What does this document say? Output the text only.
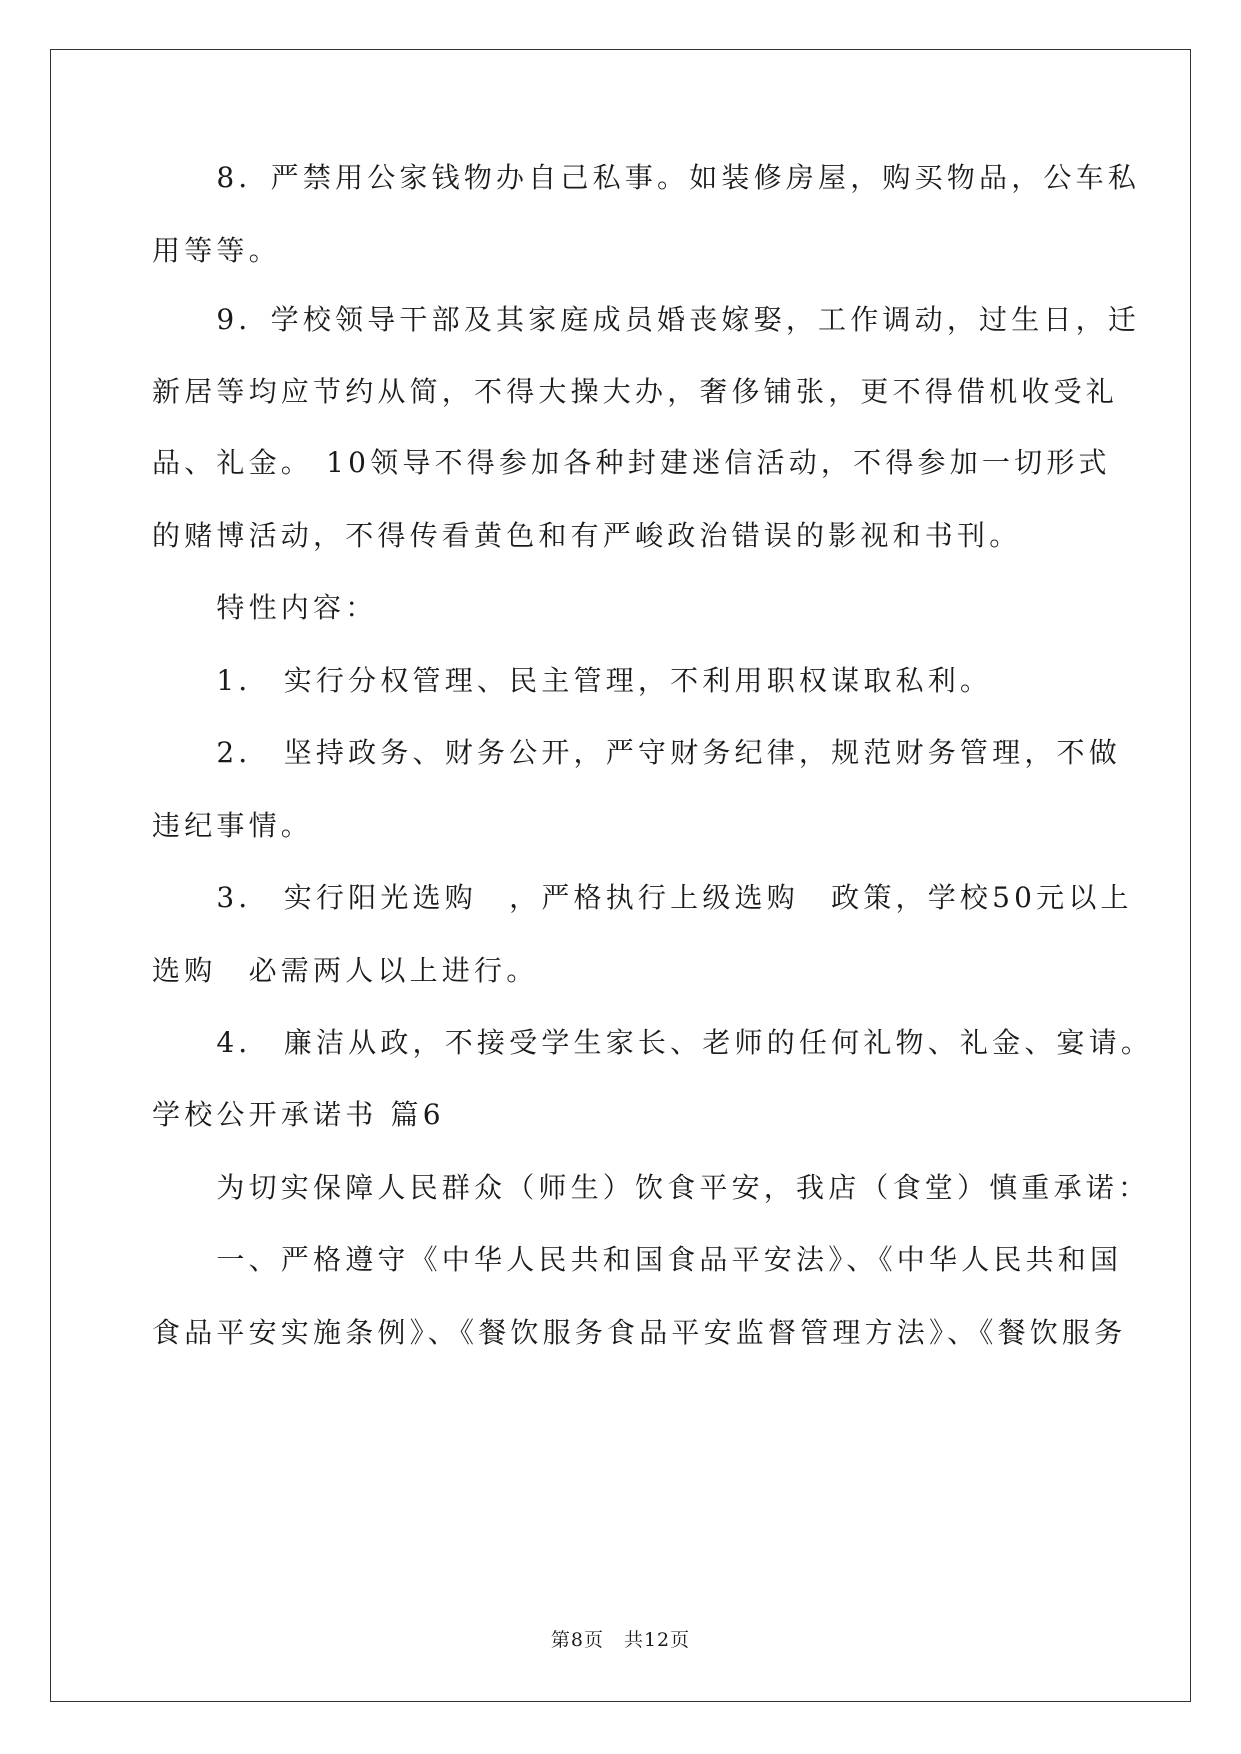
　　8．严禁用公家钱物办自己私事。如装修房屋，购买物品，公车私
用等等。
　　9．学校领导干部及其家庭成员婚丧嫁娶，工作调动，过生日，迁
新居等均应节约从简，不得大操大办，奢侈铺张，更不得借机收受礼
品、礼金。 10领导不得参加各种封建迷信活动，不得参加一切形式
的赌博活动，不得传看黄色和有严峻政治错误的影视和书刊。
　　特性内容：
　　1． 实行分权管理、民主管理，不利用职权谋取私利。
　　2． 坚持政务、财务公开，严守财务纪律，规范财务管理，不做
违纪事情。
　　3． 实行阳光选购　，严格执行上级选购　政策，学校50元以上
选购　必需两人以上进行。
　　4． 廉洁从政，不接受学生家长、老师的任何礼物、礼金、宴请。
学校公开承诺书 篇6
　　为切实保障人民群众（师生）饮食平安，我店（食堂）慎重承诺：
　　一、严格遵守《中华人民共和国食品平安法》、《中华人民共和国
食品平安实施条例》、《餐饮服务食品平安监督管理方法》、《餐饮服务
第8页　共12页
